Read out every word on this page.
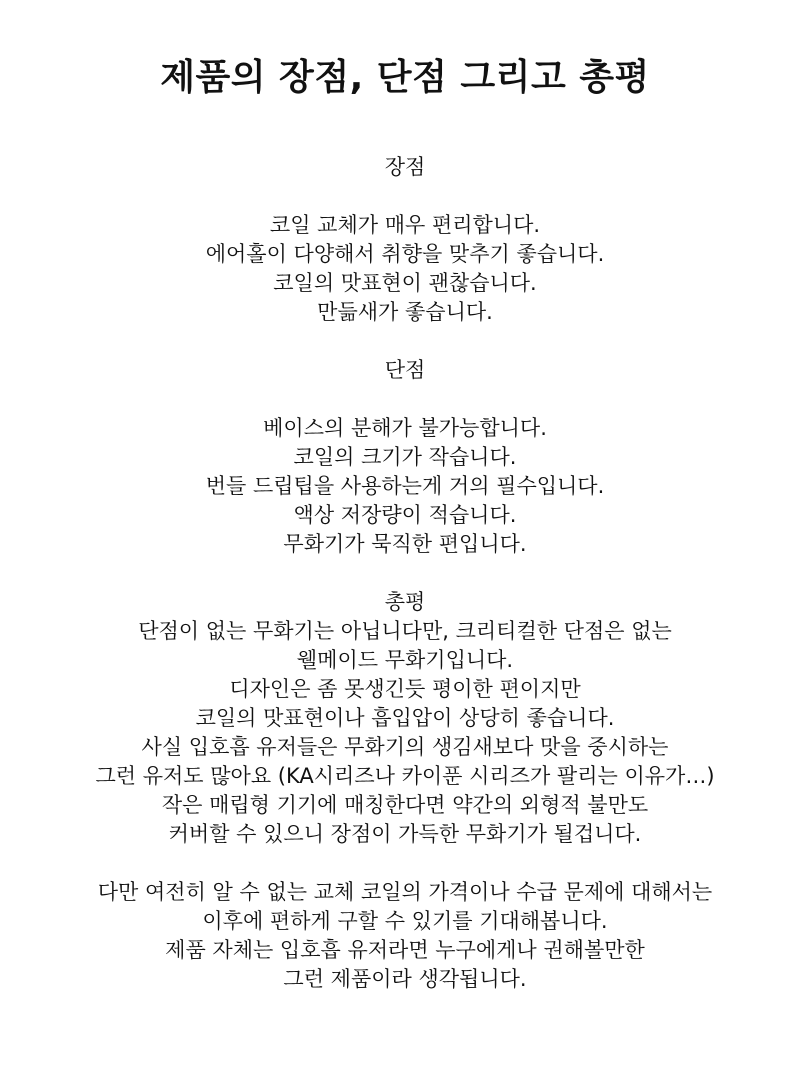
제품의 장점, 단점 그리고 총평
장점
코일 교체가 매우 편리합니다.
에어홀이 다양해서 취향을 맞추기 좋습니다.
코일의 맛표현이 괜찮습니다.
만듦새가 좋습니다.
단점
베이스의 분해가 불가능합니다.
코일의 크기가 작습니다.
번들 드립팁을 사용하는게 거의 필수입니다.
액상 저장량이 적습니다.
무화기가 묵직한 편입니다.
총평
단점이 없는 무화기는 아닙니다만, 크리티컬한 단점은 없는
웰메이드 무화기입니다.
디자인은 좀 못생긴듯 평이한 편이지만
코일의 맛표현이나 흡입압이 상당히 좋습니다.
사실 입호흡 유저들은 무화기의 생김새보다 맛을 중시하는
그런 유저도 많아요 (KA시리즈나 카이푼 시리즈가 팔리는 이유가…)
작은 매립형 기기에 매칭한다면 약간의 외형적 불만도
커버할 수 있으니 장점이 가득한 무화기가 될겁니다.
다만 여전히 알 수 없는 교체 코일의 가격이나 수급 문제에 대해서는
이후에 편하게 구할 수 있기를 기대해봅니다.
제품 자체는 입호흡 유저라면 누구에게나 권해볼만한
그런 제품이라 생각됩니다.
